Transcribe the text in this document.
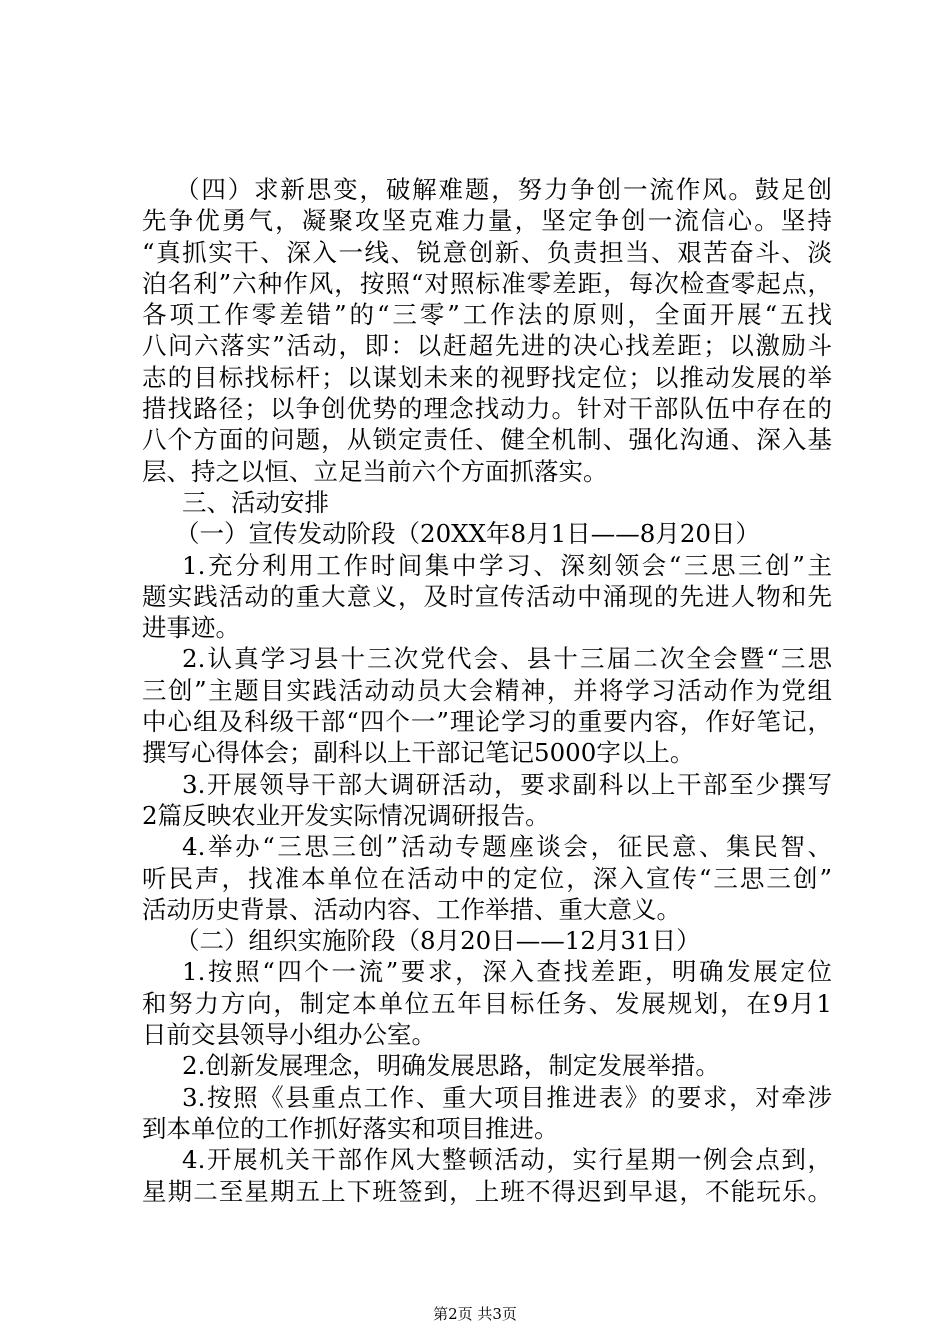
（四）求新思变，破解难题，努力争创一流作风。鼓足创
先争优勇气，凝聚攻坚克难力量，坚定争创一流信心。坚持
“真抓实干、深入一线、锐意创新、负责担当、艰苦奋斗、淡
泊名利”六种作风，按照“对照标准零差距，每次检查零起点，
各项工作零差错”的“三零”工作法的原则，全面开展“五找
八问六落实”活动，即：以赶超先进的决心找差距；以激励斗
志的目标找标杆；以谋划未来的视野找定位；以推动发展的举
措找路径；以争创优势的理念找动力。针对干部队伍中存在的
八个方面的问题，从锁定责任、健全机制、强化沟通、深入基
层、持之以恒、立足当前六个方面抓落实。
三、活动安排
（一）宣传发动阶段（20XX年8月1日——8月20日）
1.充分利用工作时间集中学习、深刻领会“三思三创”主
题实践活动的重大意义，及时宣传活动中涌现的先进人物和先
进事迹。
2.认真学习县十三次党代会、县十三届二次全会暨“三思
三创”主题目实践活动动员大会精神，并将学习活动作为党组
中心组及科级干部“四个一”理论学习的重要内容，作好笔记，
撰写心得体会；副科以上干部记笔记5000字以上。
3.开展领导干部大调研活动，要求副科以上干部至少撰写
2篇反映农业开发实际情况调研报告。
4.举办“三思三创”活动专题座谈会，征民意、集民智、
听民声，找准本单位在活动中的定位，深入宣传“三思三创”
活动历史背景、活动内容、工作举措、重大意义。
（二）组织实施阶段（8月20日——12月31日）
1.按照“四个一流”要求，深入查找差距，明确发展定位
和努力方向，制定本单位五年目标任务、发展规划，在9月1
日前交县领导小组办公室。
2.创新发展理念，明确发展思路，制定发展举措。
3.按照《县重点工作、重大项目推进表》的要求，对牵涉
到本单位的工作抓好落实和项目推进。
4.开展机关干部作风大整顿活动，实行星期一例会点到，
星期二至星期五上下班签到，上班不得迟到早退，不能玩乐。
第2页 共3页
